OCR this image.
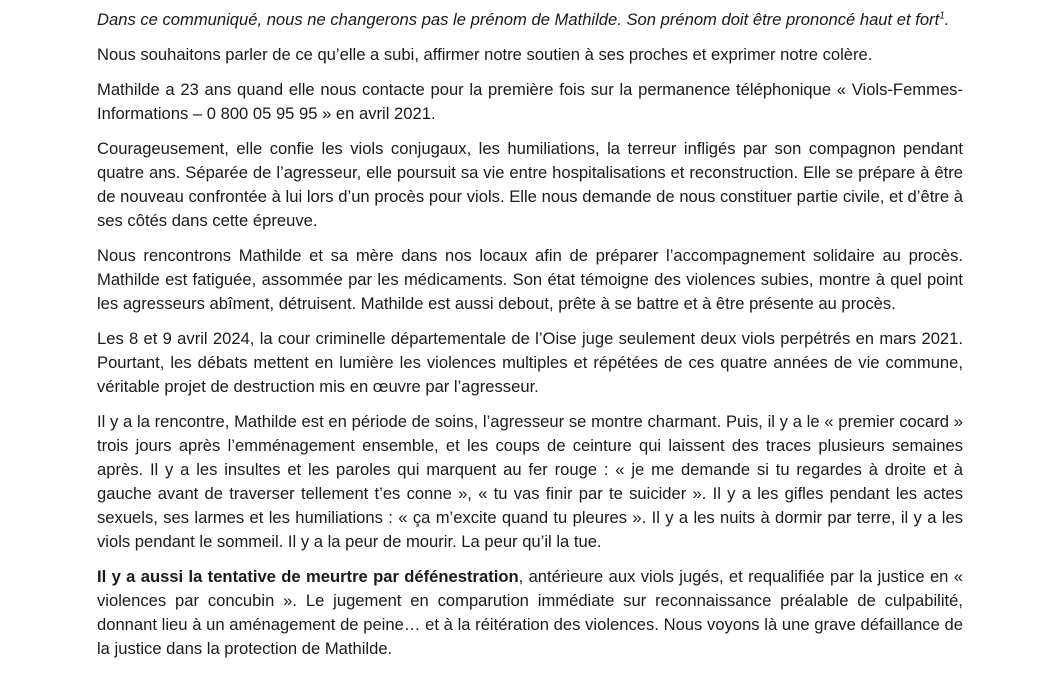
Dans ce communiqué, nous ne changerons pas le prénom de Mathilde. Son prénom doit être prononcé haut et fort$^1$.

Nous souhaitons parler de ce qu’elle a subi, affirmer notre soutien à ses proches et exprimer notre colère.

Mathilde a 23 ans quand elle nous contacte pour la première fois sur la permanence téléphonique « Viols-Femmes-Informations – 0 800 05 95 95 » en avril 2021.

Courageusement, elle confie les viols conjugaux, les humiliations, la terreur infligés par son compagnon pendant quatre ans. Séparée de l’agresseur, elle poursuit sa vie entre hospitalisations et reconstruction. Elle se prépare à être de nouveau confrontée à lui lors d’un procès pour viols. Elle nous demande de nous constituer partie civile, et d’être à ses côtés dans cette épreuve.

Nous rencontrons Mathilde et sa mère dans nos locaux afin de préparer l’accompagnement solidaire au procès. Mathilde est fatiguée, assommée par les médicaments. Son état témoigne des violences subies, montre à quel point les agresseurs abîment, détruisent. Mathilde est aussi debout, prête à se battre et à être présente au procès.

Les 8 et 9 avril 2024, la cour criminelle départementale de l’Oise juge seulement deux viols perpétrés en mars 2021. Pourtant, les débats mettent en lumière les violences multiples et répétées de ces quatre années de vie commune, véritable projet de destruction mis en œuvre par l’agresseur.

Il y a la rencontre, Mathilde est en période de soins, l’agresseur se montre charmant. Puis, il y a le « premier cocard » trois jours après l’emménagement ensemble, et les coups de ceinture qui laissent des traces plusieurs semaines après. Il y a les insultes et les paroles qui marquent au fer rouge : « je me demande si tu regardes à droite et à gauche avant de traverser tellement t’es conne », « tu vas finir par te suicider ». Il y a les gifles pendant les actes sexuels, ses larmes et les humiliations : « ça m’excite quand tu pleures ». Il y a les nuits à dormir par terre, il y a les viols pendant le sommeil. Il y a la peur de mourir. La peur qu’il la tue.

Il y a aussi la tentative de meurtre par défénestration, antérieure aux viols jugés, et requalifiée par la justice en « violences par concubin ». Le jugement en comparution immédiate sur reconnaissance préalable de culpabilité, donnant lieu à un aménagement de peine… et à la réitération des violences. Nous voyons là une grave défaillance de la justice dans la protection de Mathilde.
